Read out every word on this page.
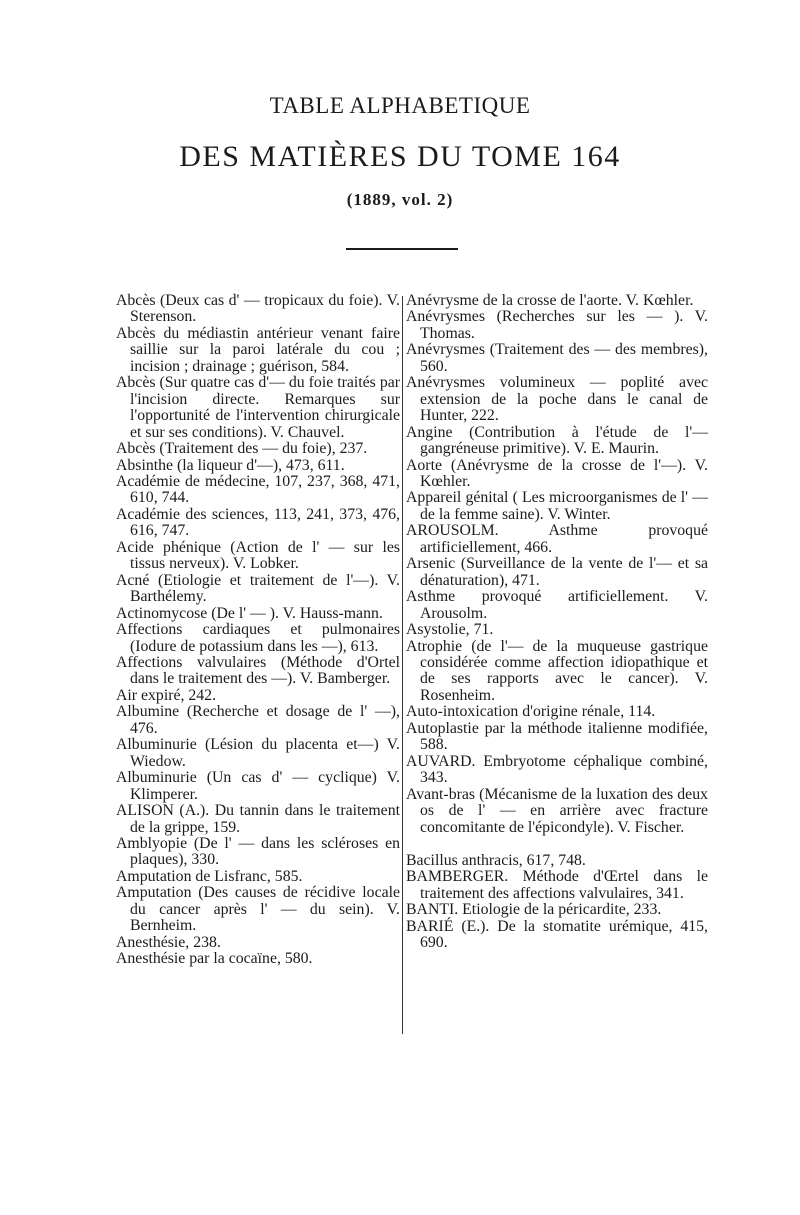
TABLE ALPHABETIQUE
DES MATIÈRES DU TOME 164
(1889, vol. 2)

Abcès (Deux cas d' — tropicaux du foie). V. Sterenson.

Abcès du médiastin antérieur venant faire saillie sur la paroi latérale du cou ; incision ; drainage ; guérison, 584.

Abcès (Sur quatre cas d'— du foie traités par l'incision directe. Remarques sur l'opportunité de l'intervention chirurgicale et sur ses conditions). V. Chauvel.

Abcès (Traitement des — du foie), 237.

Absinthe (la liqueur d'—), 473, 611.

Académie de médecine, 107, 237, 368, 471, 610, 744.

Académie des sciences, 113, 241, 373, 476, 616, 747.

Acide phénique (Action de l' — sur les tissus nerveux). V. Lobker.

Acné (Etiologie et traitement de l'—). V. Barthélemy.

Actinomycose (De l' — ). V. Hauss-mann.

Affections cardiaques et pulmonaires (Iodure de potassium dans les —), 613.

Affections valvulaires (Méthode d'Ortel dans le traitement des —). V. Bamberger.

Air expiré, 242.

Albumine (Recherche et dosage de l' —), 476.

Albuminurie (Lésion du placenta et—) V. Wiedow.

Albuminurie (Un cas d' — cyclique) V. Klimperer.

ALISON (A.). Du tannin dans le traitement de la grippe, 159.

Amblyopie (De l' — dans les scléroses en plaques), 330.

Amputation de Lisfranc, 585.

Amputation (Des causes de récidive locale du cancer après l' — du sein). V. Bernheim.

Anesthésie, 238.

Anesthésie par la cocaïne, 580.

Anévrysme de la crosse de l'aorte. V. Kœhler.

Anévrysmes (Recherches sur les — ). V. Thomas.

Anévrysmes (Traitement des — des membres), 560.

Anévrysmes volumineux — poplité avec extension de la poche dans le canal de Hunter, 222.

Angine (Contribution à l'étude de l'— gangréneuse primitive). V. E. Maurin.

Aorte (Anévrysme de la crosse de l'—). V. Kœhler.

Appareil génital ( Les microorganismes de l' — de la femme saine). V. Winter.

AROUSOLM. Asthme provoqué artificiellement, 466.

Arsenic (Surveillance de la vente de l'— et sa dénaturation), 471.

Asthme provoqué artificiellement. V. Arousolm.

Asystolie, 71.

Atrophie (de l'— de la muqueuse gastrique considérée comme affection idiopathique et de ses rapports avec le cancer). V. Rosenheim.

Auto-intoxication d'origine rénale, 114.

Autoplastie par la méthode italienne modifiée, 588.

AUVARD. Embryotome céphalique combiné, 343.

Avant-bras (Mécanisme de la luxation des deux os de l' — en arrière avec fracture concomitante de l'épicondyle). V. Fischer.

Bacillus anthracis, 617, 748.

BAMBERGER. Méthode d'Œrtel dans le traitement des affections valvulaires, 341.

BANTI. Etiologie de la péricardite, 233.

BARIÉ (E.). De la stomatite urémique, 415, 690.
